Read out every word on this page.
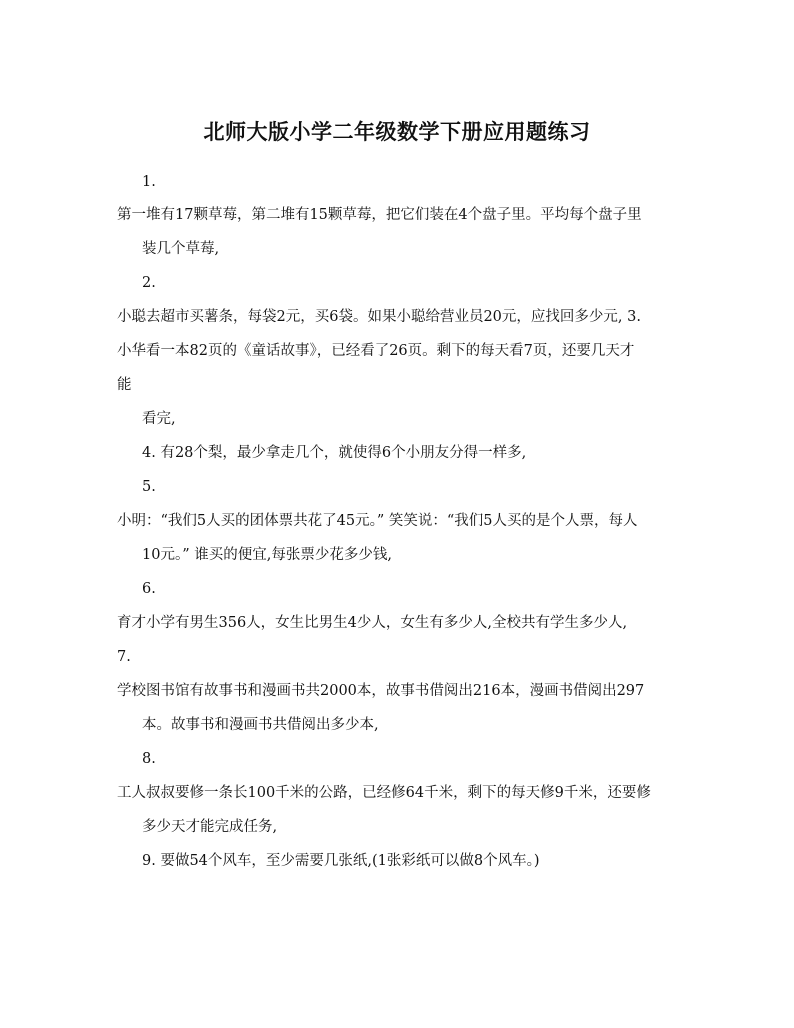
北师大版小学二年级数学下册应用题练习
1.
第一堆有17颗草莓，第二堆有15颗草莓，把它们装在4个盘子里。平均每个盘子里
装几个草莓,
2.
小聪去超市买薯条，每袋2元，买6袋。如果小聪给营业员20元，应找回多少元, 3.
小华看一本82页的《童话故事》，已经看了26页。剩下的每天看7页，还要几天才
能
看完,
4. 有28个梨，最少拿走几个，就使得6个小朋友分得一样多,
5.
小明：“我们5人买的团体票共花了45元。” 笑笑说：“我们5人买的是个人票，每人
10元。” 谁买的便宜,每张票少花多少钱,
6.
育才小学有男生356人，女生比男生4少人，女生有多少人,全校共有学生多少人,
7.
学校图书馆有故事书和漫画书共2000本，故事书借阅出216本，漫画书借阅出297
本。故事书和漫画书共借阅出多少本,
8.
工人叔叔要修一条长100千米的公路，已经修64千米，剩下的每天修9千米，还要修
多少天才能完成任务,
9. 要做54个风车，至少需要几张纸,(1张彩纸可以做8个风车。)
